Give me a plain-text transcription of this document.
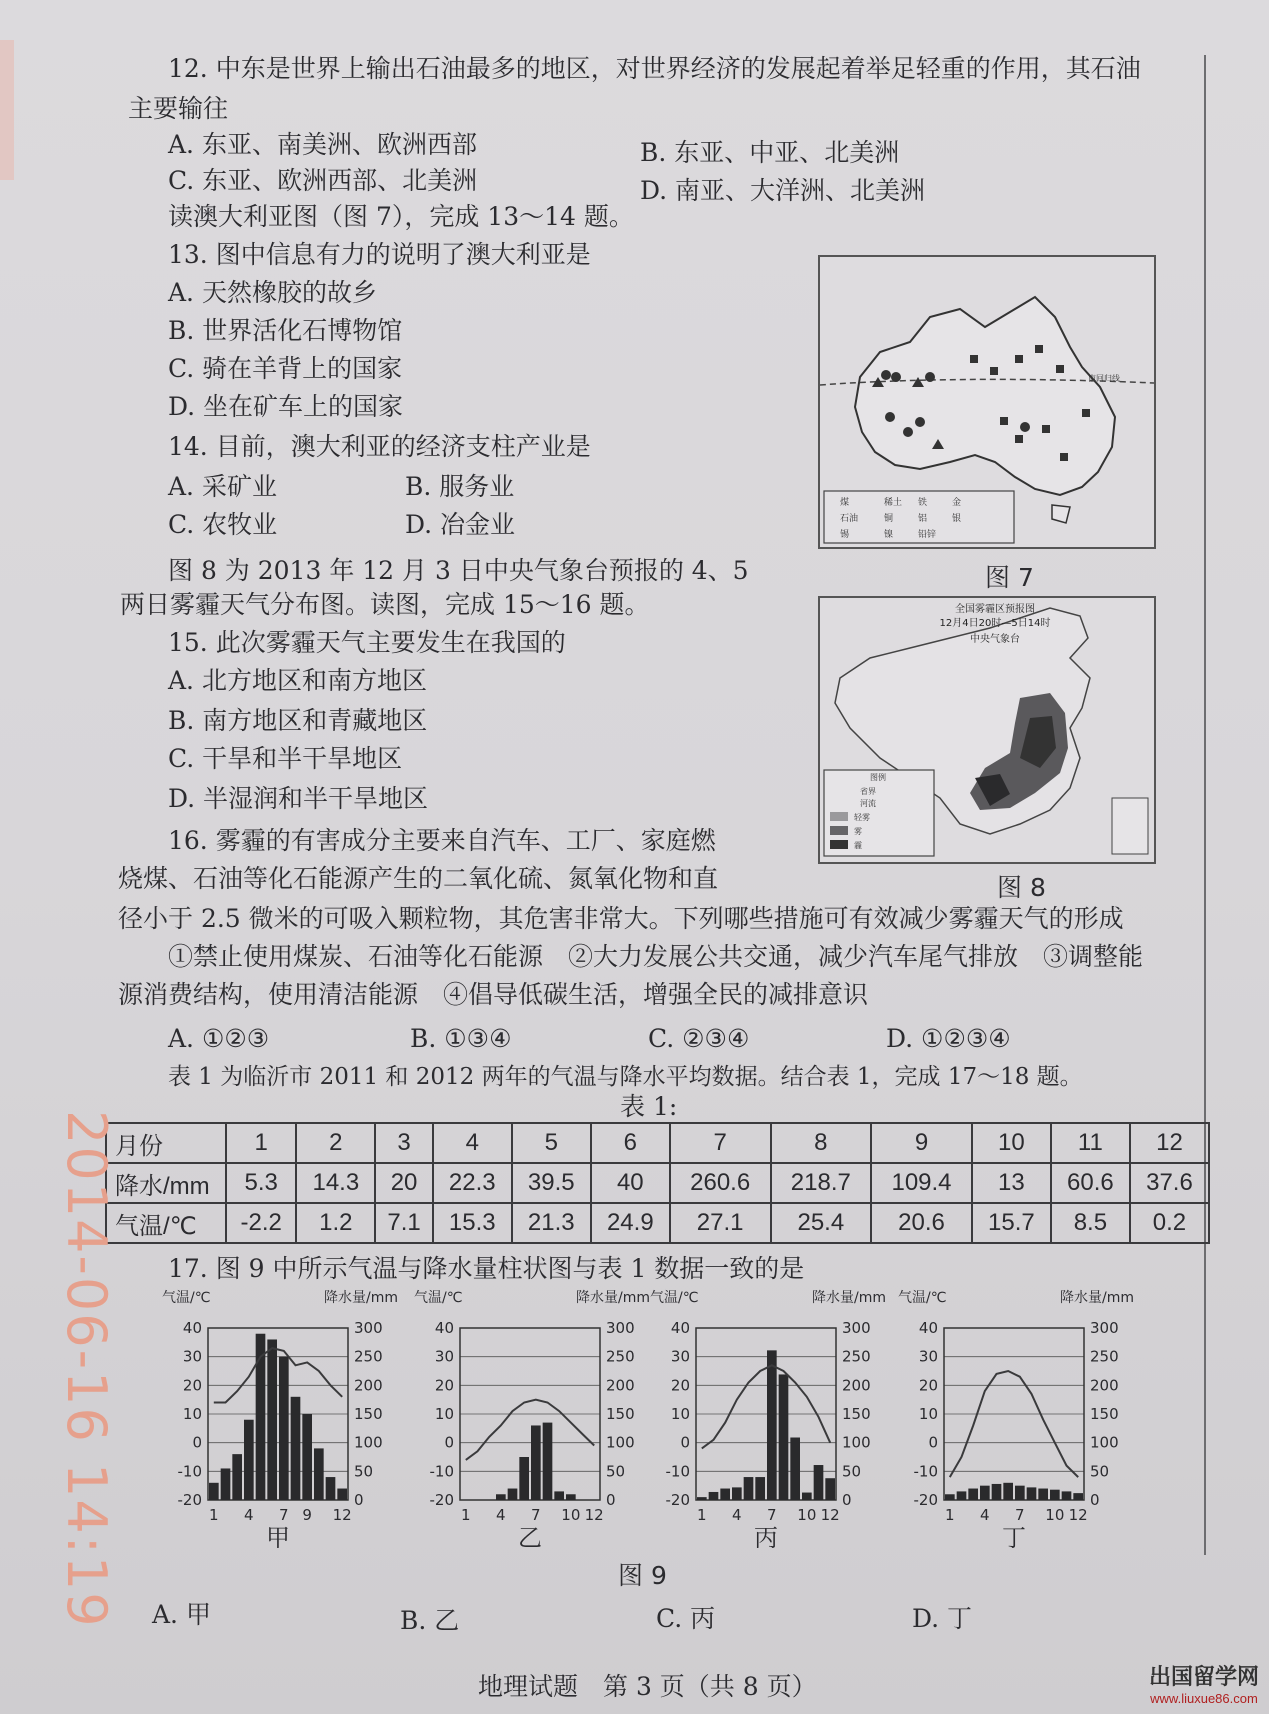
12. 中东是世界上输出石油最多的地区，对世界经济的发展起着举足轻重的作用，其石油
主要输往
A. 东亚、南美洲、欧洲西部	B. 东亚、中亚、北美洲
C. 东亚、欧洲西部、北美洲	D. 南亚、大洋洲、北美洲
读澳大利亚图（图 7），完成 13～14 题。
13. 图中信息有力的说明了澳大利亚是
A. 天然橡胶的故乡
B. 世界活化石博物馆
C. 骑在羊背上的国家
D. 坐在矿车上的国家
14. 目前，澳大利亚的经济支柱产业是
A. 采矿业	B. 服务业
C. 农牧业	D. 冶金业
南回归线
煤	稀土 铁	金
石油	铜	铝	银
锡	镍	铅锌
图 7
图 8 为 2013 年 12 月 3 日中央气象台预报的 4、5
两日雾霾天气分布图。读图，完成 15～16 题。
15. 此次雾霾天气主要发生在我国的
A. 北方地区和南方地区
B. 南方地区和青藏地区
C. 干旱和半干旱地区
D. 半湿润和半干旱地区
全国雾霾区预报图
12月4日20时—5日14时
中央气象台
图例
省界
河流
轻雾
雾
霾
图 8
16. 雾霾的有害成分主要来自汽车、工厂、家庭燃
烧煤、石油等化石能源产生的二氧化硫、氮氧化物和直
径小于 2.5 微米的可吸入颗粒物，其危害非常大。下列哪些措施可有效减少雾霾天气的形成
①禁止使用煤炭、石油等化石能源　②大力发展公共交通，减少汽车尾气排放　③调整能
源消费结构，使用清洁能源　④倡导低碳生活，增强全民的减排意识
A. ①②③	B. ①③④	C. ②③④	D. ①②③④
表 1 为临沂市 2011 和 2012 两年的气温与降水平均数据。结合表 1，完成 17～18 题。
表 1:
月份	1	2	3	4	5	6	7	8	9	10	11	12
降水/mm	5.3	14.3	20	22.3	39.5	40	260.6	218.7	109.4	13	60.6	37.6
气温/℃	-2.2	1.2	7.1	15.3	21.3	24.9	27.1	25.4	20.6	15.7	8.5	0.2
17. 图 9 中所示气温与降水量柱状图与表 1 数据一致的是
气温/℃	降水量/mm
40
30
20
10
0
-10
-20
300
250
200
150
100
50
0
1 4 7 9 12
甲
气温/℃	降水量/mm
40
30
20
10
0
-10
-20
300
250
200
150
100
50
0
1 4 7 10 12
乙
气温/℃	降水量/mm
40
30
20
10
0
-10
-20
300
250
200
150
100
50
0
1 4 7 10 12
丙
气温/℃	降水量/mm
40
30
20
10
0
-10
-20
300
250
200
150
100
50
0
1 4 7 10 12
丁
图 9
A. 甲	B. 乙	C. 丙	D. 丁
地理试题　第 3 页（共 8 页）
2014-06-16 14:19
出国留学网
www.liuxue86.com
